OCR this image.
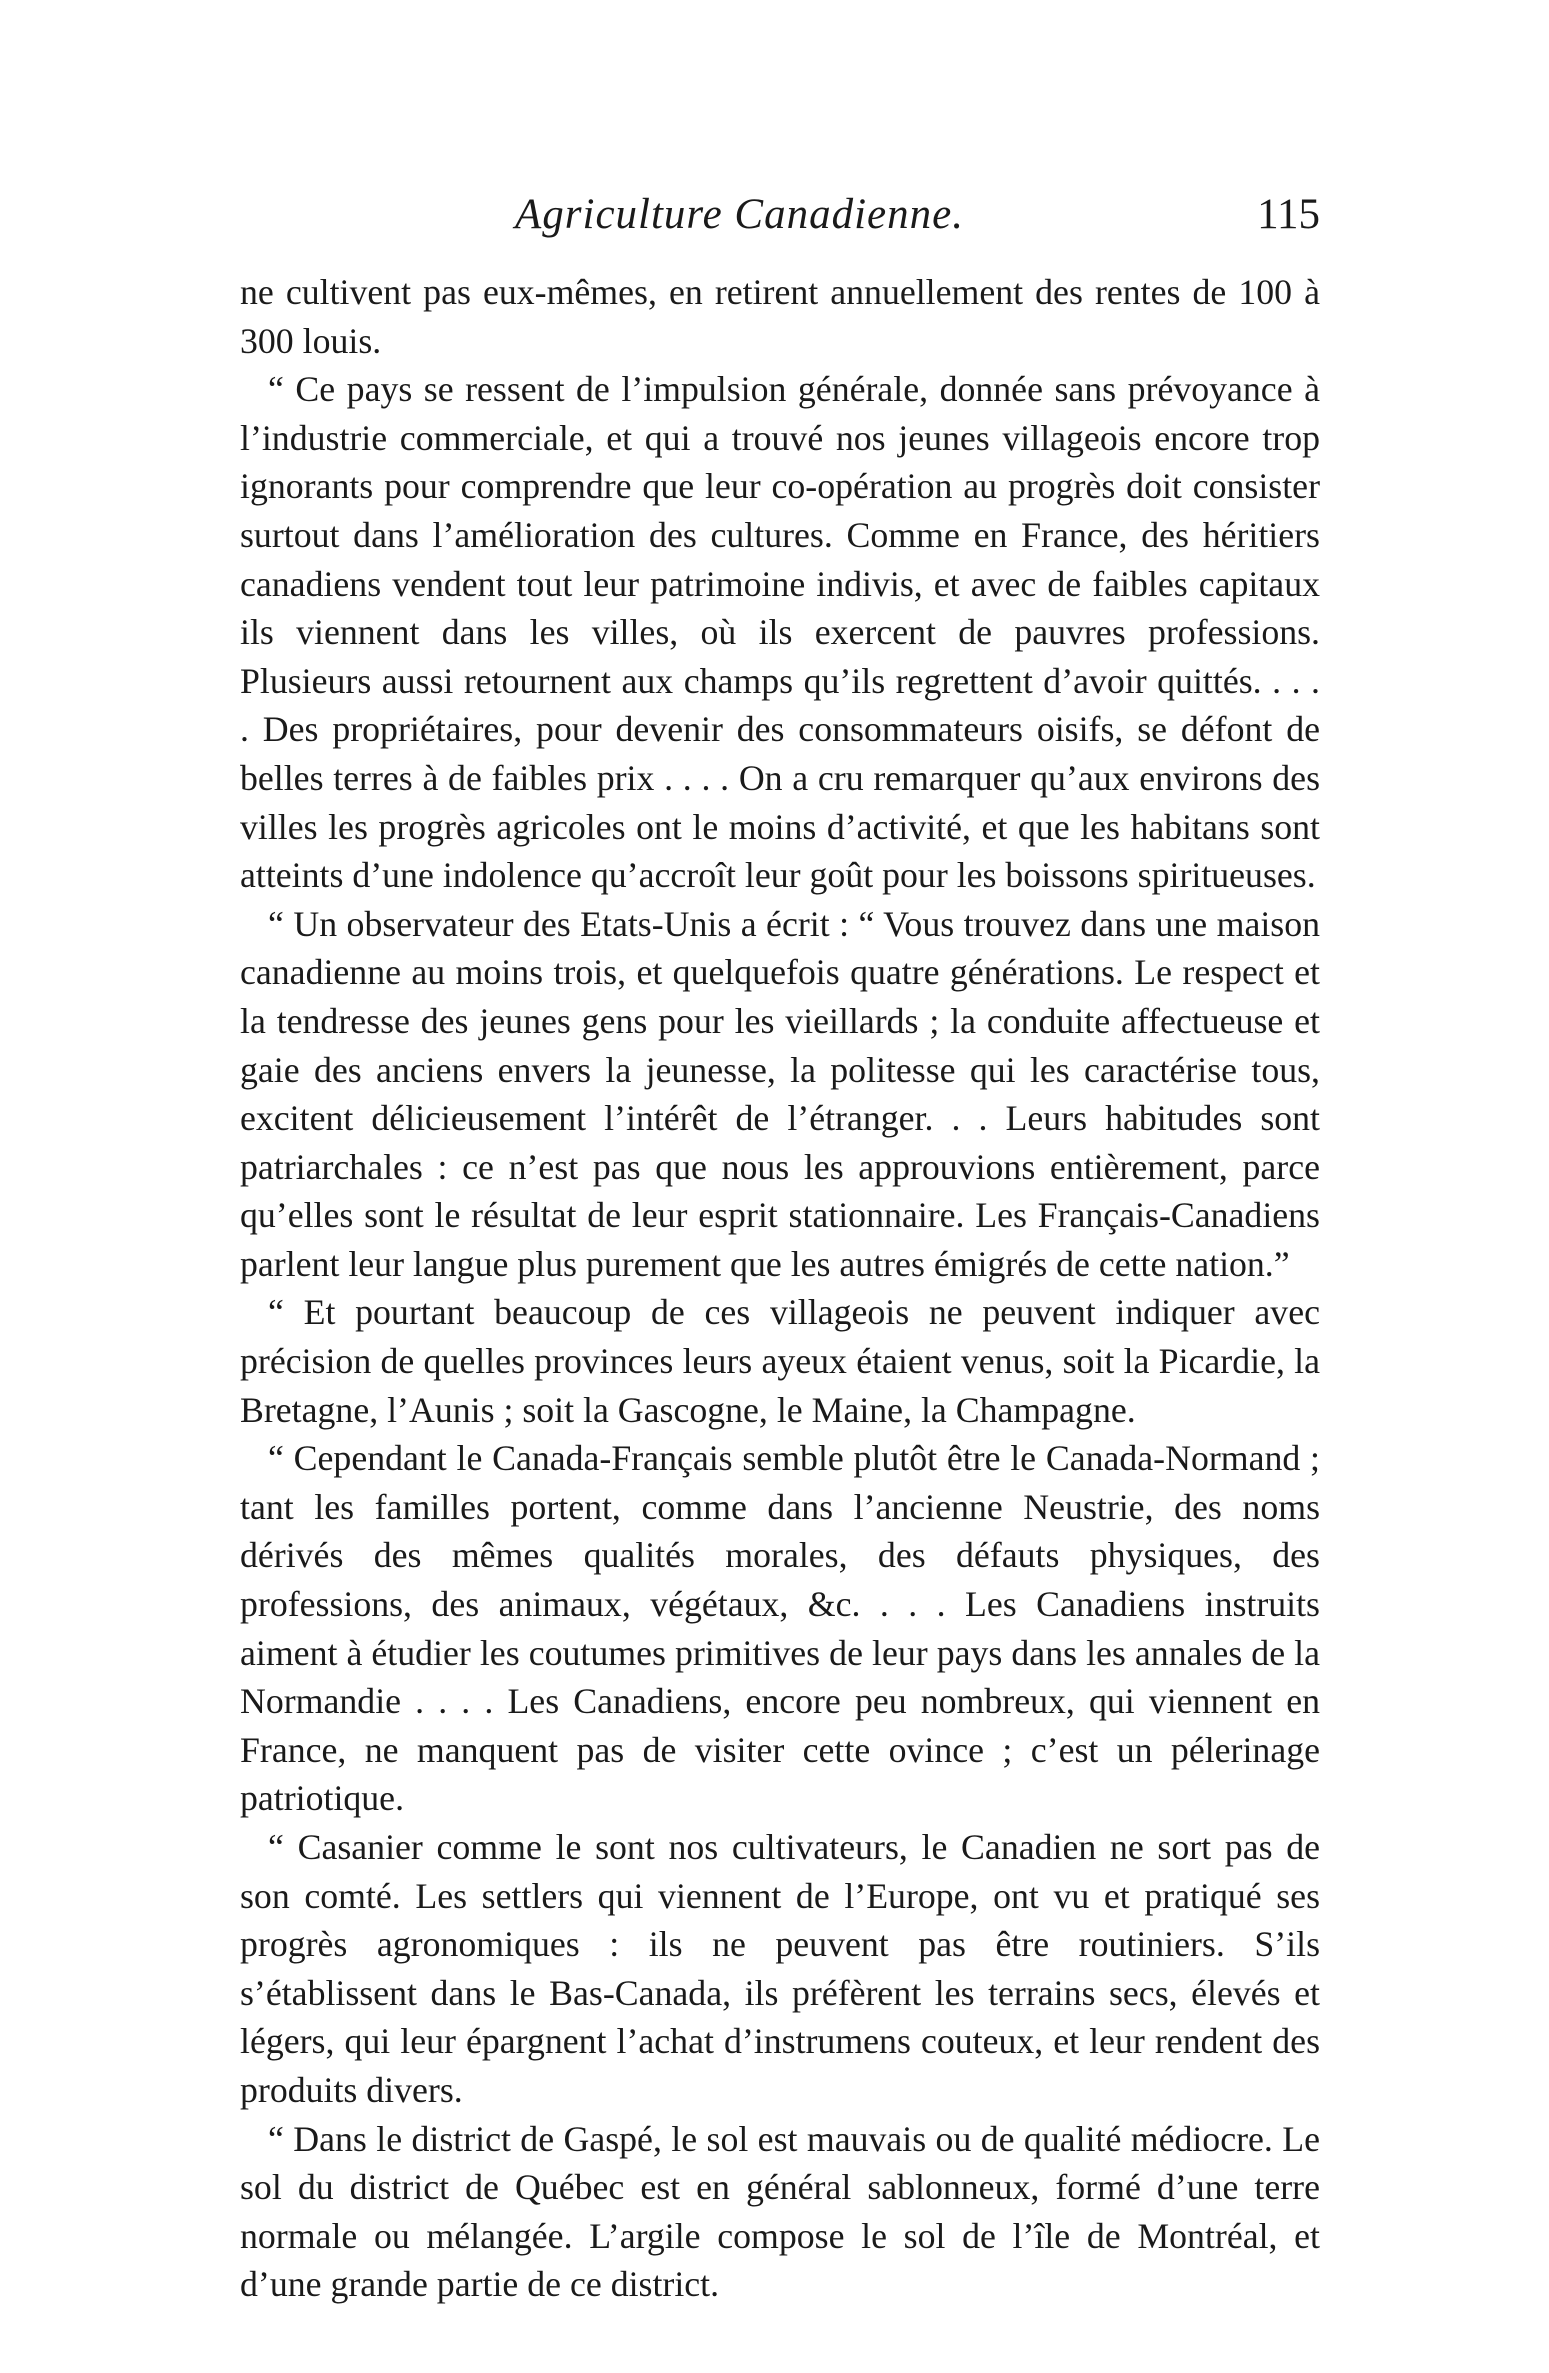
Agriculture Canadienne.	115

ne cultivent pas eux-mêmes, en retirent annuellement des rentes de 100 à 300 louis.

“ Ce pays se ressent de l’impulsion générale, donnée sans prévoyance à l’industrie commerciale, et qui a trouvé nos jeunes villageois encore trop ignorants pour comprendre que leur co-opération au progrès doit consister surtout dans l’amélioration des cultures. Comme en France, des héritiers canadiens vendent tout leur patrimoine indivis, et avec de faibles capitaux ils viennent dans les villes, où ils exercent de pauvres professions. Plusieurs aussi retournent aux champs qu’ils regrettent d’avoir quittés. . . . . Des propriétaires, pour devenir des consommateurs oisifs, se défont de belles terres à de faibles prix . . . . On a cru remarquer qu’aux environs des villes les progrès agricoles ont le moins d’activité, et que les habitans sont atteints d’une indolence qu’accroît leur goût pour les boissons spiritueuses.

“ Un observateur des Etats-Unis a écrit : “ Vous trouvez dans une maison canadienne au moins trois, et quelquefois quatre générations. Le respect et la tendresse des jeunes gens pour les vieillards ; la conduite affectueuse et gaie des anciens envers la jeunesse, la politesse qui les caractérise tous, excitent délicieusement l’intérêt de l’étranger. . . Leurs habitudes sont patriarchales : ce n’est pas que nous les approuvions entièrement, parce qu’elles sont le résultat de leur esprit stationnaire. Les Français-Canadiens parlent leur langue plus purement que les autres émigrés de cette nation.”

“ Et pourtant beaucoup de ces villageois ne peuvent indiquer avec précision de quelles provinces leurs ayeux étaient venus, soit la Picardie, la Bretagne, l’Aunis ; soit la Gascogne, le Maine, la Champagne.

“ Cependant le Canada-Français semble plutôt être le Canada-Normand ; tant les familles portent, comme dans l’ancienne Neustrie, des noms dérivés des mêmes qualités morales, des défauts physiques, des professions, des animaux, végétaux, &c. . . . Les Canadiens instruits aiment à étudier les coutumes primitives de leur pays dans les annales de la Normandie . . . . Les Canadiens, encore peu nombreux, qui viennent en France, ne manquent pas de visiter cette ovince ; c’est un pélerinage patriotique.

“ Casanier comme le sont nos cultivateurs, le Canadien ne sort pas de son comté. Les settlers qui viennent de l’Europe, ont vu et pratiqué ses progrès agronomiques : ils ne peuvent pas être routiniers. S’ils s’établissent dans le Bas-Canada, ils préfèrent les terrains secs, élevés et légers, qui leur épargnent l’achat d’instrumens couteux, et leur rendent des produits divers.

“ Dans le district de Gaspé, le sol est mauvais ou de qualité médiocre. Le sol du district de Québec est en général sablonneux, formé d’une terre normale ou mélangée. L’argile compose le sol de l’île de Montréal, et d’une grande partie de ce district.
